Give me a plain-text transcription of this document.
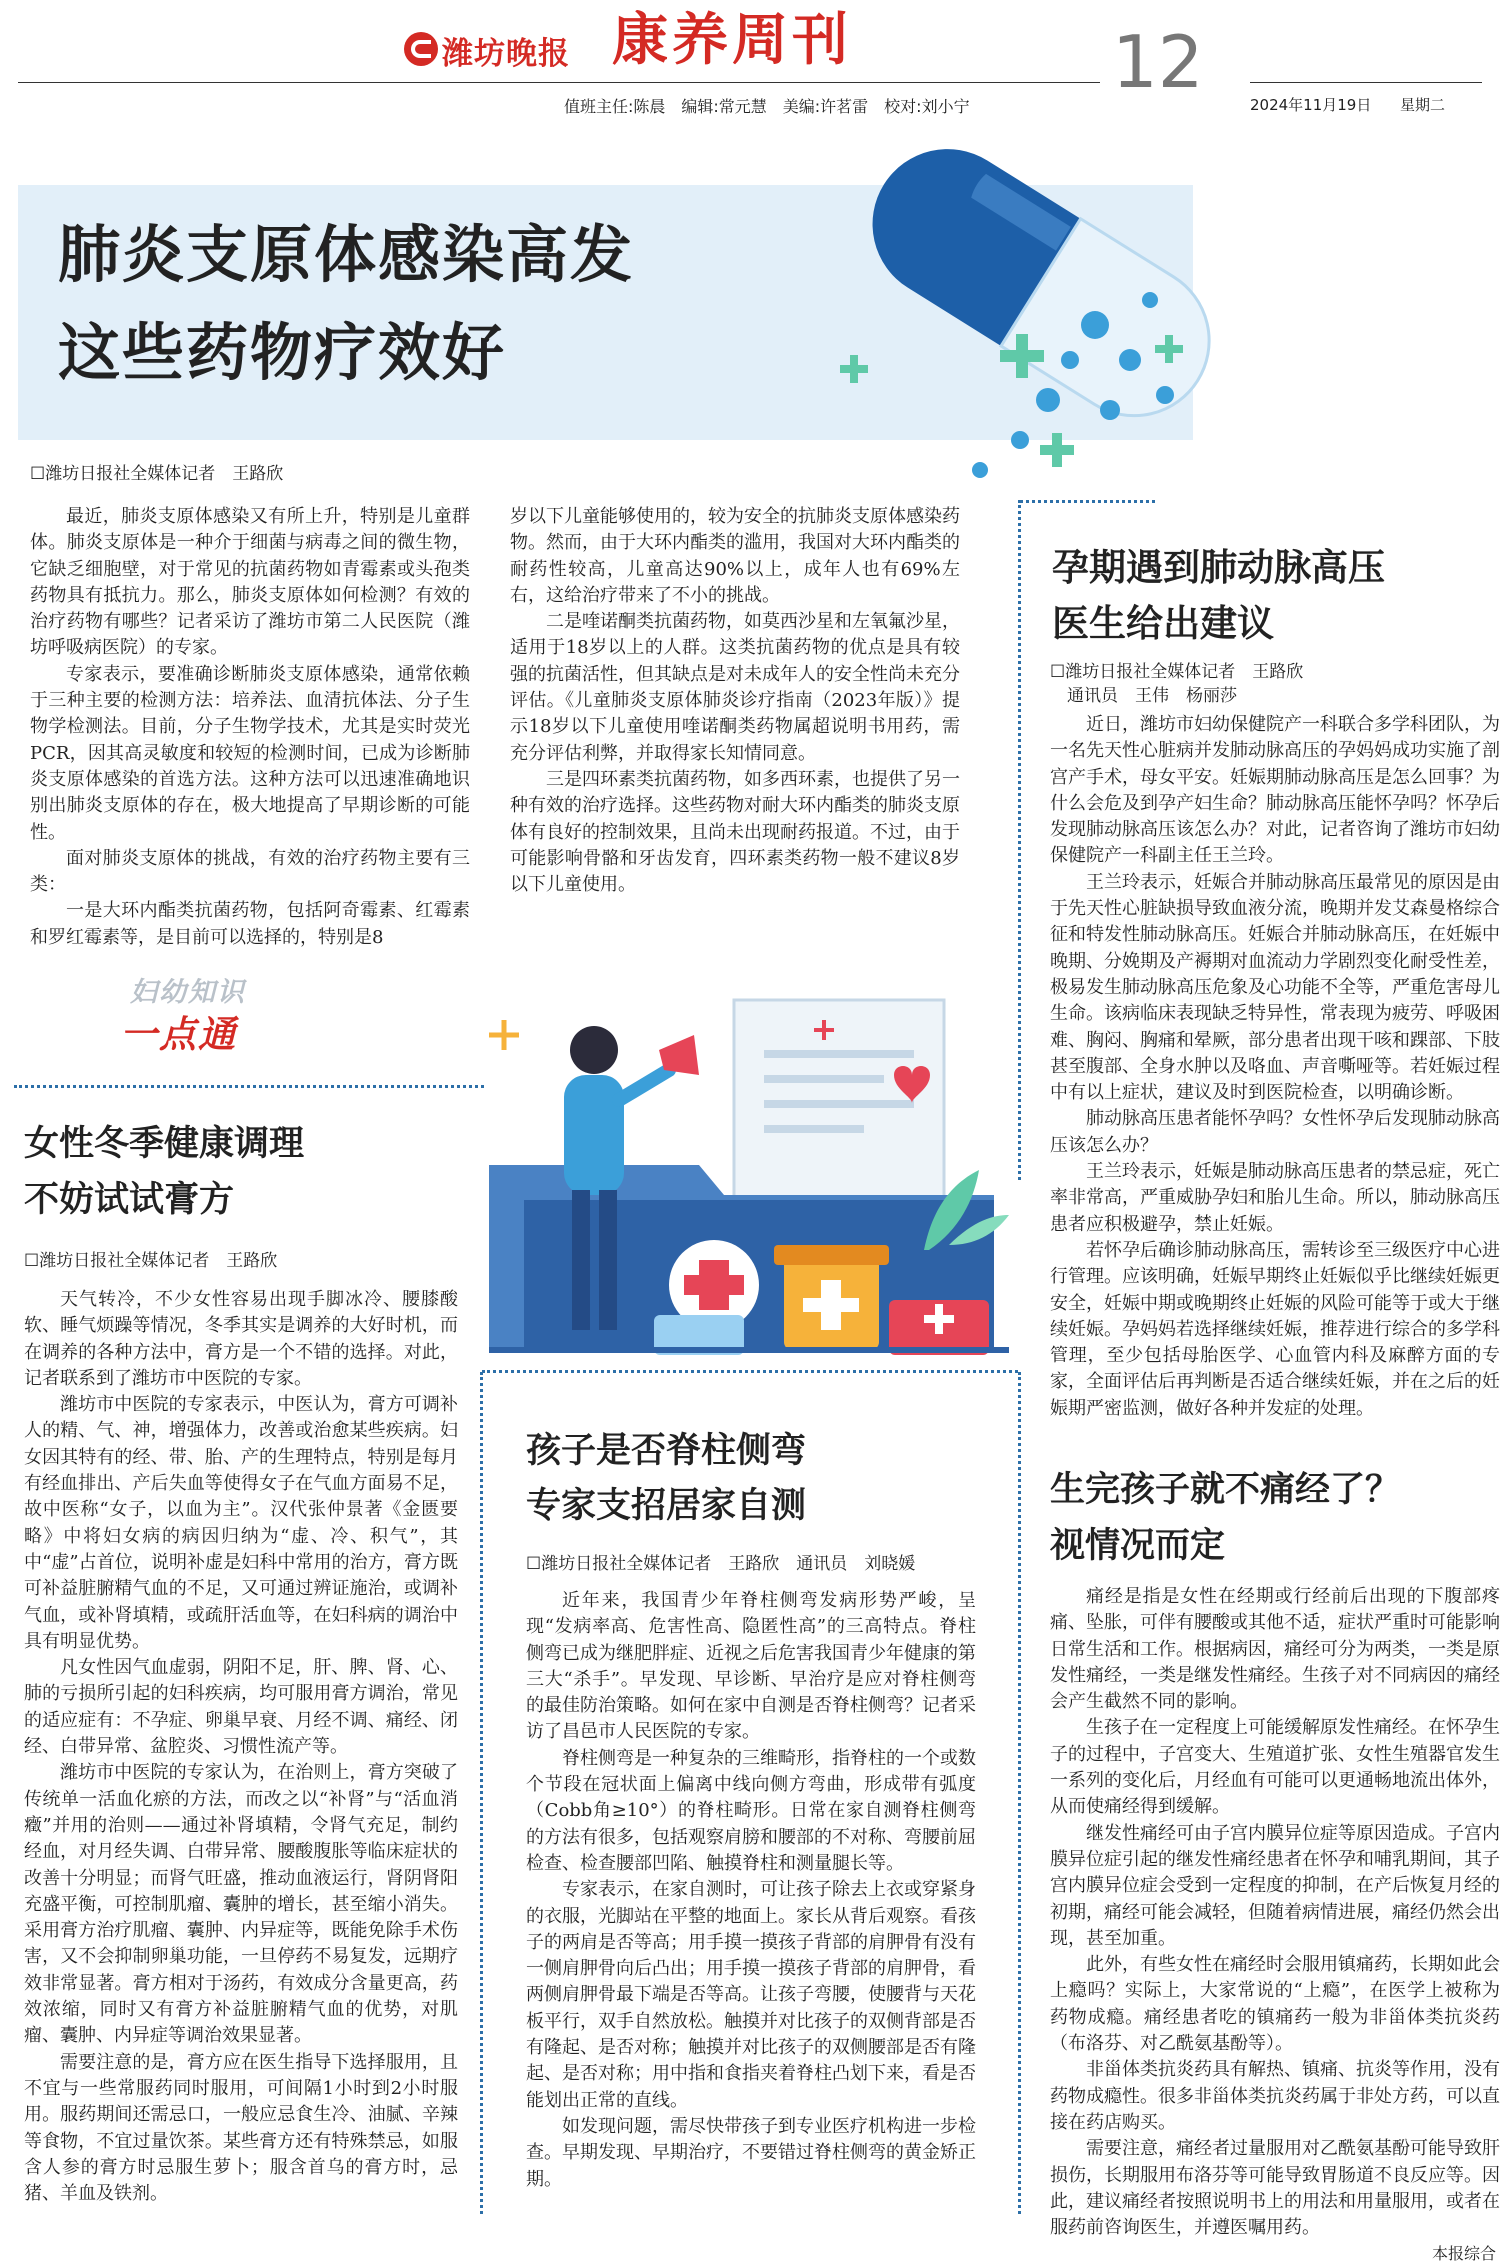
潍坊晚报 康养周刊	12
值班主任:陈晨　编辑:常元慧　美编:许茗雷　校对:刘小宁	2024年11月19日 星期二
肺炎支原体感染高发
这些药物疗效好
☐潍坊日报社全媒体记者　王路欣

最近，肺炎支原体感染又有所上升，特别是儿童群体。肺炎支原体是一种介于细菌与病毒之间的微生物，它缺乏细胞壁，对于常见的抗菌药物如青霉素或头孢类药物具有抵抗力。那么，肺炎支原体如何检测？有效的治疗药物有哪些？记者采访了潍坊市第二人民医院（潍坊呼吸病医院）的专家。

专家表示，要准确诊断肺炎支原体感染，通常依赖于三种主要的检测方法：培养法、血清抗体法、分子生物学检测法。目前，分子生物学技术，尤其是实时荧光PCR，因其高灵敏度和较短的检测时间，已成为诊断肺炎支原体感染的首选方法。这种方法可以迅速准确地识别出肺炎支原体的存在，极大地提高了早期诊断的可能性。

面对肺炎支原体的挑战，有效的治疗药物主要有三类：

一是大环内酯类抗菌药物，包括阿奇霉素、红霉素和罗红霉素等，是目前可以选择的，特别是8

岁以下儿童能够使用的，较为安全的抗肺炎支原体感染药物。然而，由于大环内酯类的滥用，我国对大环内酯类的耐药性较高，儿童高达90%以上，成年人也有69%左右，这给治疗带来了不小的挑战。

二是喹诺酮类抗菌药物，如莫西沙星和左氧氟沙星，适用于18岁以上的人群。这类抗菌药物的优点是具有较强的抗菌活性，但其缺点是对未成年人的安全性尚未充分评估。《儿童肺炎支原体肺炎诊疗指南（2023年版）》提示18岁以下儿童使用喹诺酮类药物属超说明书用药，需充分评估利弊，并取得家长知情同意。

三是四环素类抗菌药物，如多西环素，也提供了另一种有效的治疗选择。这些药物对耐大环内酯类的肺炎支原体有良好的控制效果，且尚未出现耐药报道。不过，由于可能影响骨骼和牙齿发育，四环素类药物一般不建议8岁以下儿童使用。

孕期遇到肺动脉高压
医生给出建议
☐潍坊日报社全媒体记者　王路欣
　通讯员　王伟　杨丽莎

近日，潍坊市妇幼保健院产一科联合多学科团队，为一名先天性心脏病并发肺动脉高压的孕妈妈成功实施了剖宫产手术，母女平安。妊娠期肺动脉高压是怎么回事？为什么会危及到孕产妇生命？肺动脉高压能怀孕吗？怀孕后发现肺动脉高压该怎么办？对此，记者咨询了潍坊市妇幼保健院产一科副主任王兰玲。

王兰玲表示，妊娠合并肺动脉高压最常见的原因是由于先天性心脏缺损导致血液分流，晚期并发艾森曼格综合征和特发性肺动脉高压。妊娠合并肺动脉高压，在妊娠中晚期、分娩期及产褥期对血流动力学剧烈变化耐受性差，极易发生肺动脉高压危象及心功能不全等，严重危害母儿生命。该病临床表现缺乏特异性，常表现为疲劳、呼吸困难、胸闷、胸痛和晕厥，部分患者出现干咳和踝部、下肢甚至腹部、全身水肿以及咯血、声音嘶哑等。若妊娠过程中有以上症状，建议及时到医院检查，以明确诊断。

肺动脉高压患者能怀孕吗？女性怀孕后发现肺动脉高压该怎么办？

王兰玲表示，妊娠是肺动脉高压患者的禁忌症，死亡率非常高，严重威胁孕妇和胎儿生命。所以，肺动脉高压患者应积极避孕，禁止妊娠。

若怀孕后确诊肺动脉高压，需转诊至三级医疗中心进行管理。应该明确，妊娠早期终止妊娠似乎比继续妊娠更安全，妊娠中期或晚期终止妊娠的风险可能等于或大于继续妊娠。孕妈妈若选择继续妊娠，推荐进行综合的多学科管理，至少包括母胎医学、心血管内科及麻醉方面的专家，全面评估后再判断是否适合继续妊娠，并在之后的妊娠期严密监测，做好各种并发症的处理。

妇幼知识
一点通
女性冬季健康调理
不妨试试膏方
☐潍坊日报社全媒体记者　王路欣

天气转冷，不少女性容易出现手脚冰冷、腰膝酸软、睡气烦躁等情况，冬季其实是调养的大好时机，而在调养的各种方法中，膏方是一个不错的选择。对此，记者联系到了潍坊市中医院的专家。

潍坊市中医院的专家表示，中医认为，膏方可调补人的精、气、神，增强体力，改善或治愈某些疾病。妇女因其特有的经、带、胎、产的生理特点，特别是每月有经血排出、产后失血等使得女子在气血方面易不足，故中医称“女子，以血为主”。汉代张仲景著《金匮要略》中将妇女病的病因归纳为“虚、冷、积气”，其中“虚”占首位，说明补虚是妇科中常用的治方，膏方既可补益脏腑精气血的不足，又可通过辨证施治，或调补气血，或补肾填精，或疏肝活血等，在妇科病的调治中具有明显优势。

凡女性因气血虚弱，阴阳不足，肝、脾、肾、心、肺的亏损所引起的妇科疾病，均可服用膏方调治，常见的适应症有：不孕症、卵巢早衰、月经不调、痛经、闭经、白带异常、盆腔炎、习惯性流产等。

潍坊市中医院的专家认为，在治则上，膏方突破了传统单一活血化瘀的方法，而改之以“补肾”与“活血消癥”并用的治则——通过补肾填精，令肾气充足，制约经血，对月经失调、白带异常、腰酸腹胀等临床症状的改善十分明显；而肾气旺盛，推动血液运行，肾阴肾阳充盛平衡，可控制肌瘤、囊肿的增长，甚至缩小消失。采用膏方治疗肌瘤、囊肿、内异症等，既能免除手术伤害，又不会抑制卵巢功能，一旦停药不易复发，远期疗效非常显著。膏方相对于汤药，有效成分含量更高，药效浓缩，同时又有膏方补益脏腑精气血的优势，对肌瘤、囊肿、内异症等调治效果显著。

需要注意的是，膏方应在医生指导下选择服用，且不宜与一些常服药同时服用，可间隔1小时到2小时服用。服药期间还需忌口，一般应忌食生冷、油腻、辛辣等食物，不宜过量饮茶。某些膏方还有特殊禁忌，如服含人参的膏方时忌服生萝卜；服含首乌的膏方时，忌猪、羊血及铁剂。

孩子是否脊柱侧弯
专家支招居家自测
☐潍坊日报社全媒体记者　王路欣　通讯员　刘晓媛

近年来，我国青少年脊柱侧弯发病形势严峻，呈现“发病率高、危害性高、隐匿性高”的三高特点。脊柱侧弯已成为继肥胖症、近视之后危害我国青少年健康的第三大“杀手”。早发现、早诊断、早治疗是应对脊柱侧弯的最佳防治策略。如何在家中自测是否脊柱侧弯？记者采访了昌邑市人民医院的专家。

脊柱侧弯是一种复杂的三维畸形，指脊柱的一个或数个节段在冠状面上偏离中线向侧方弯曲，形成带有弧度（Cobb角≥10°）的脊柱畸形。日常在家自测脊柱侧弯的方法有很多，包括观察肩膀和腰部的不对称、弯腰前屈检查、检查腰部凹陷、触摸脊柱和测量腿长等。

专家表示，在家自测时，可让孩子除去上衣或穿紧身的衣服，光脚站在平整的地面上。家长从背后观察。看孩子的两肩是否等高；用手摸一摸孩子背部的肩胛骨有没有一侧肩胛骨向后凸出；用手摸一摸孩子背部的肩胛骨，看两侧肩胛骨最下端是否等高。让孩子弯腰，使腰背与天花板平行，双手自然放松。触摸并对比孩子的双侧背部是否有隆起、是否对称；触摸并对比孩子的双侧腰部是否有隆起、是否对称；用中指和食指夹着脊柱凸划下来，看是否能划出正常的直线。

如发现问题，需尽快带孩子到专业医疗机构进一步检查。早期发现、早期治疗，不要错过脊柱侧弯的黄金矫正期。

生完孩子就不痛经了？
视情况而定

痛经是指是女性在经期或行经前后出现的下腹部疼痛、坠胀，可伴有腰酸或其他不适，症状严重时可能影响日常生活和工作。根据病因，痛经可分为两类，一类是原发性痛经，一类是继发性痛经。生孩子对不同病因的痛经会产生截然不同的影响。

生孩子在一定程度上可能缓解原发性痛经。在怀孕生子的过程中，子宫变大、生殖道扩张、女性生殖器官发生一系列的变化后，月经血有可能可以更通畅地流出体外，从而使痛经得到缓解。

继发性痛经可由子宫内膜异位症等原因造成。子宫内膜异位症引起的继发性痛经患者在怀孕和哺乳期间，其子宫内膜异位症会受到一定程度的抑制，在产后恢复月经的初期，痛经可能会减轻，但随着病情进展，痛经仍然会出现，甚至加重。

此外，有些女性在痛经时会服用镇痛药，长期如此会上瘾吗？实际上，大家常说的“上瘾”，在医学上被称为药物成瘾。痛经患者吃的镇痛药一般为非甾体类抗炎药（布洛芬、对乙酰氨基酚等）。

非甾体类抗炎药具有解热、镇痛、抗炎等作用，没有药物成瘾性。很多非甾体类抗炎药属于非处方药，可以直接在药店购买。

需要注意，痛经者过量服用对乙酰氨基酚可能导致肝损伤，长期服用布洛芬等可能导致胃肠道不良反应等。因此，建议痛经者按照说明书上的用法和用量服用，或者在服药前咨询医生，并遵医嘱用药。

本报综合
